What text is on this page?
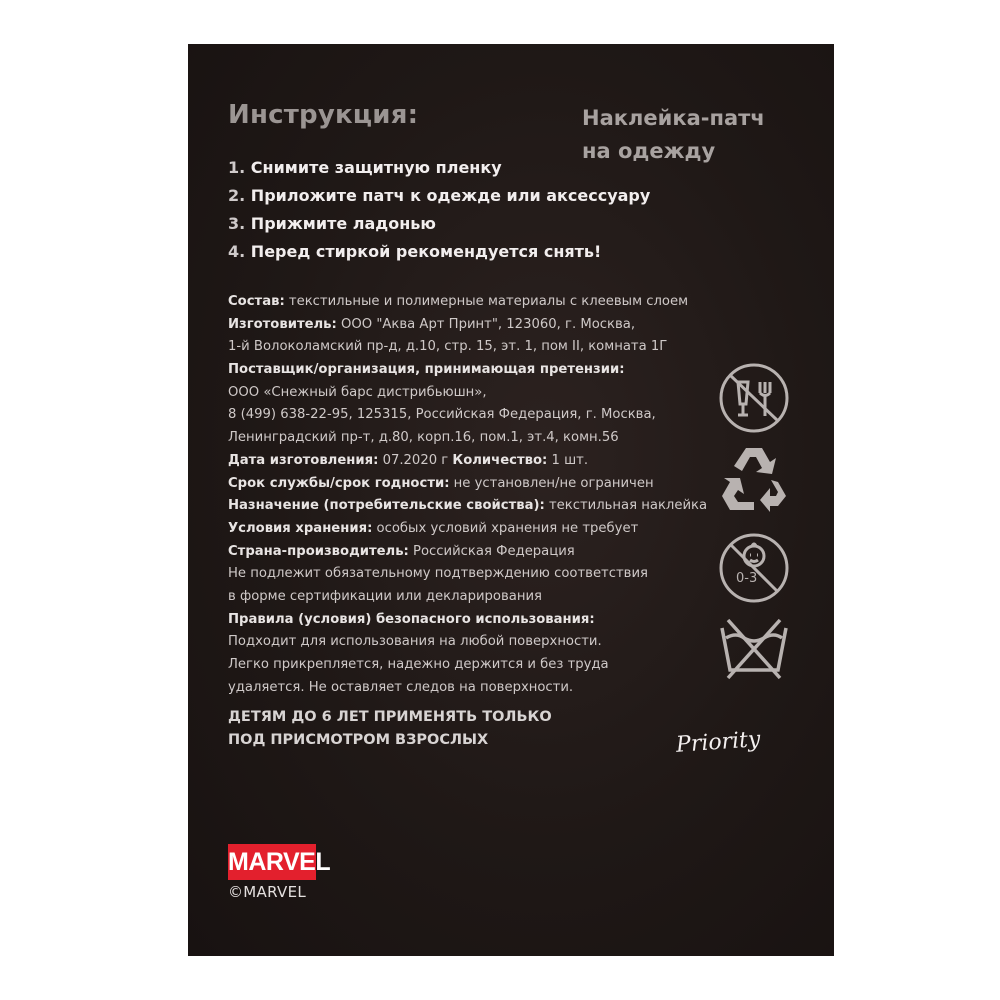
Инструкция:	Наклейка-патч
на одежду
1. Снимите защитную пленку
2. Приложите патч к одежде или аксессуару
3. Прижмите ладонью
4. Перед стиркой рекомендуется снять!
Состав: текстильные и полимерные материалы с клеевым слоем
Изготовитель: ООО "Аква Арт Принт", 123060, г. Москва,
1-й Волоколамский пр-д, д.10, стр. 15, эт. 1, пом II, комната 1Г
Поставщик/организация, принимающая претензии:
ООО «Снежный барс дистрибьюшн»,
8 (499) 638-22-95, 125315, Российская Федерация, г. Москва,
Ленинградский пр-т, д.80, корп.16, пом.1, эт.4, комн.56
Дата изготовления: 07.2020 г Количество: 1 шт.
Срок службы/срок годности: не установлен/не ограничен
Назначение (потребительские свойства): текстильная наклейка
Условия хранения: особых условий хранения не требует
Страна-производитель: Российская Федерация
Не подлежит обязательному подтверждению соответствия
в форме сертификации или декларирования
Правила (условия) безопасного использования:
Подходит для использования на любой поверхности.
Легко прикрепляется, надежно держится и без труда
удаляется. Не оставляет следов на поверхности.
ДЕТЯМ ДО 6 ЛЕТ ПРИМЕНЯТЬ ТОЛЬКО
ПОД ПРИСМОТРОМ ВЗРОСЛЫХ
0-3
Priority
MARVEL
©MARVEL
